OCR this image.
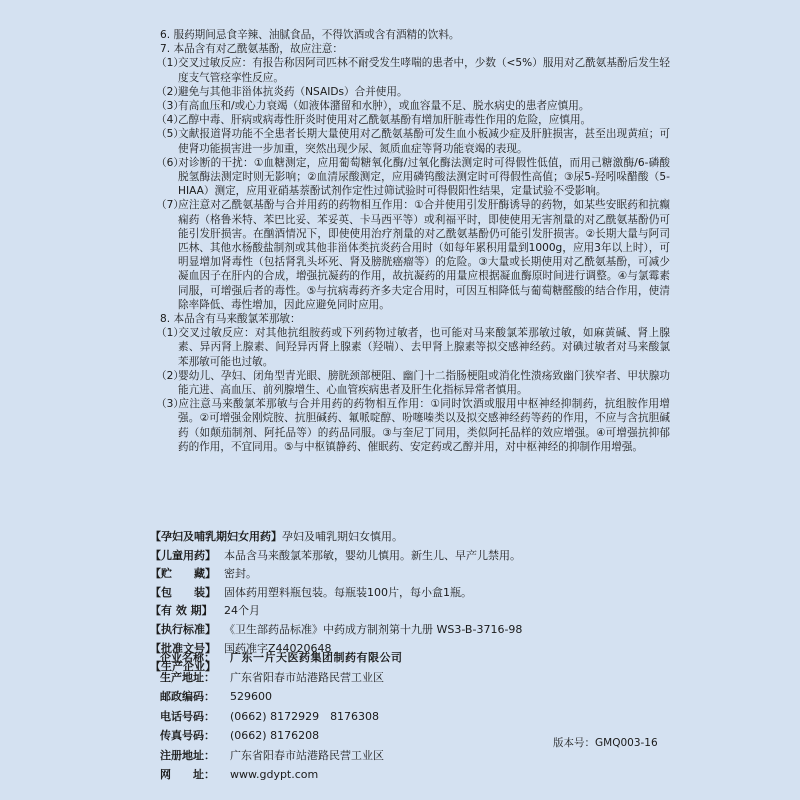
6. 服药期间忌食辛辣、油腻食品，不得饮酒或含有酒精的饮料。
7. 本品含有对乙酰氨基酚，故应注意：

（1）交叉过敏反应：有报告称因阿司匹林不耐受发生哮喘的患者中，少数（<5%）服用对乙酰氨基酚后发生轻度支气管痉挛性反应。

（2）避免与其他非甾体抗炎药（NSAIDs）合并使用。

（3）有高血压和/或心力衰竭（如液体潴留和水肿），或血容量不足、脱水病史的患者应慎用。

（4）乙醇中毒、肝病或病毒性肝炎时使用对乙酰氨基酚有增加肝脏毒性作用的危险，应慎用。

（5）文献报道肾功能不全患者长期大量使用对乙酰氨基酚可发生血小板减少症及肝脏损害，甚至出现黄疸；可使肾功能损害进一步加重，突然出现少尿、氮质血症等肾功能衰竭的表现。

（6）对诊断的干扰：①血糖测定，应用葡萄糖氧化酶/过氧化酶法测定时可得假性低值，而用己糖激酶/6-磷酸脱氢酶法测定时则无影响；②血清尿酸测定，应用磷钨酸法测定时可得假性高值；③尿5-羟吲哚醋酸（5-HIAA）测定，应用亚硝基萘酚试剂作定性过筛试验时可得假阳性结果，定量试验不受影响。

（7）应注意对乙酰氨基酚与合并用药的药物相互作用：①合并使用引发肝酶诱导的药物，如某些安眠药和抗癫痫药（格鲁米特、苯巴比妥、苯妥英、卡马西平等）或利福平时，即使使用无害剂量的对乙酰氨基酚仍可能引发肝损害。在酗酒情况下，即使使用治疗剂量的对乙酰氨基酚仍可能引发肝损害。②长期大量与阿司匹林、其他水杨酸盐制剂或其他非甾体类抗炎药合用时（如每年累积用量到1000g，应用3年以上时），可明显增加肾毒性（包括肾乳头坏死、肾及膀胱癌瘤等）的危险。③大量或长期使用对乙酰氨基酚，可减少凝血因子在肝内的合成，增强抗凝药的作用，故抗凝药的用量应根据凝血酶原时间进行调整。④与氯霉素同服，可增强后者的毒性。⑤与抗病毒药齐多夫定合用时，可因互相降低与葡萄糖醛酸的结合作用，使清除率降低、毒性增加，因此应避免同时应用。

8. 本品含有马来酸氯苯那敏：

（1）交叉过敏反应：对其他抗组胺药或下列药物过敏者，也可能对马来酸氯苯那敏过敏，如麻黄碱、肾上腺素、异丙肾上腺素、间羟异丙肾上腺素（羟喘）、去甲肾上腺素等拟交感神经药。对碘过敏者对马来酸氯苯那敏可能也过敏。

（2）婴幼儿、孕妇、闭角型青光眼、膀胱颈部梗阻、幽门十二指肠梗阻或消化性溃疡致幽门狭窄者、甲状腺功能亢进、高血压、前列腺增生、心血管疾病患者及肝生化指标异常者慎用。

（3）应注意马来酸氯苯那敏与合并用药的药物相互作用：①同时饮酒或服用中枢神经抑制药，抗组胺作用增强。②可增强金刚烷胺、抗胆碱药、氟哌啶醇、吩噻嗪类以及拟交感神经药等药的作用，不应与含抗胆碱药（如颠茄制剂、阿托品等）的药品同服。③与奎尼丁同用，类似阿托品样的效应增强。④可增强抗抑郁药的作用，不宜同用。⑤与中枢镇静药、催眠药、安定药或乙醇并用，对中枢神经的抑制作用增强。

【孕妇及哺乳期妇女用药】孕妇及哺乳期妇女慎用。
【儿童用药】 本品含马来酸氯苯那敏，婴幼儿慎用。新生儿、早产儿禁用。
【贮　　藏】 密封。
【包　　装】 固体药用塑料瓶包装。每瓶装100片，每小盒1瓶。
【有 效 期】 24个月
【执行标准】 《卫生部药品标准》中药成方制剂第十九册 WS3-B-3716-98
【批准文号】 国药准字Z44020648
【生产企业】
企业名称： 广东一片天医药集团制药有限公司
生产地址： 广东省阳春市站港路民营工业区
邮政编码： 529600
电话号码： (0662) 8172929　8176308
传真号码： (0662) 8176208
注册地址： 广东省阳春市站港路民营工业区
网　　址： www.gdypt.com
版本号：GMQ003-16
